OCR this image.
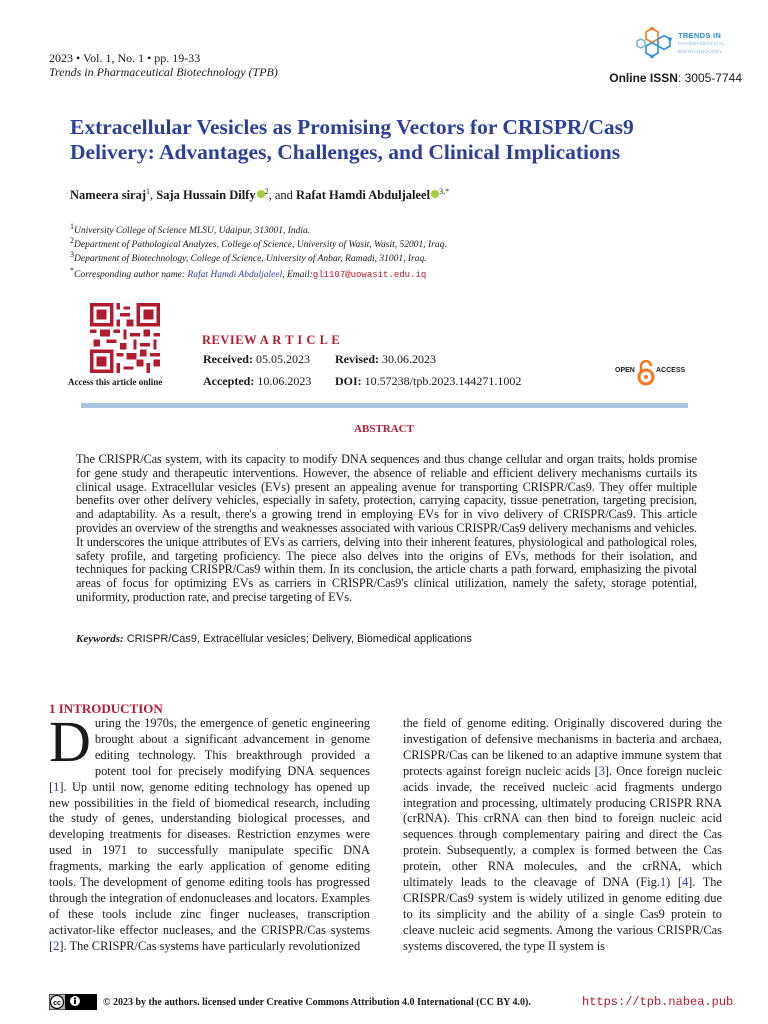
2023 • Vol. 1, No. 1 • pp. 19-33
Trends in Pharmaceutical Biotechnology (TPB)	Online ISSN: 3005-7744
TRENDS IN
PHARMACEUTICAL
BIOTECHNOLOGY
Extracellular Vesicles as Promising Vectors for CRISPR/Cas9 Delivery: Advantages, Challenges, and Clinical Implications
Nameera siraj$^1$, Saja Hussain Dilfy $^2$, and Rafat Hamdi Abduljaleel $^{3,*}$
$^1$University College of Science MLSU, Udaipur, 313001, India.
$^2$Department of Pathological Analyzes, College of Science, University of Wasit, Wasit, 52001, Iraq.
$^3$Department of Biotechnology, College of Science, University of Anbar, Ramadi, 31001, Iraq.
*Corresponding author name: Rafat Hamdi Abduljaleel, Email:gl1107@uowasit.edu.iq
Access this article online
REVIEW A R T I C L E
Received: 05.05.2023 Revised: 30.06.2023
Accepted: 10.06.2023 DOI: 10.57238/tpb.2023.144271.1002
OPEN	ACCESS
ABSTRACT
The CRISPR/Cas system, with its capacity to modify DNA sequences and thus change cellular and organ traits, holds promise for gene study and therapeutic interventions. However, the absence of reliable and efficient delivery mechanisms curtails its clinical usage. Extracellular vesicles (EVs) present an appealing avenue for transporting CRISPR/Cas9. They offer multiple benefits over other delivery vehicles, especially in safety, protection, carrying capacity, tissue penetration, targeting precision, and adaptability. As a result, there's a growing trend in employing EVs for in vivo delivery of CRISPR/Cas9. This article provides an overview of the strengths and weaknesses associated with various CRISPR/Cas9 delivery mechanisms and vehicles. It underscores the unique attributes of EVs as carriers, delving into their inherent features, physiological and pathological roles, safety profile, and targeting proficiency. The piece also delves into the origins of EVs, methods for their isolation, and techniques for packing CRISPR/Cas9 within them. In its conclusion, the article charts a path forward, emphasizing the pivotal areas of focus for optimizing EVs as carriers in CRISPR/Cas9's clinical utilization, namely the safety, storage potential, uniformity, production rate, and precise targeting of EVs.
Keywords: CRISPR/Cas9, Extracellular vesicles; Delivery, Biomedical applications
1 INTRODUCTION
During the 1970s, the emergence of genetic engineering brought about a significant advancement in genome editing technology. This breakthrough provided a potent tool for precisely modifying DNA sequences [1]. Up until now, genome editing technology has opened up new possibilities in the field of biomedical research, including the study of genes, understanding biological processes, and developing treatments for diseases. Restriction enzymes were used in 1971 to successfully manipulate specific DNA fragments, marking the early application of genome editing tools. The development of genome editing tools has progressed through the integration of endonucleases and locators. Examples of these tools include zinc finger nucleases, transcription activator-like effector nucleases, and the CRISPR/Cas systems [2]. The CRISPR/Cas systems have particularly revolutionized
the field of genome editing. Originally discovered during the investigation of defensive mechanisms in bacteria and archaea, CRISPR/Cas can be likened to an adaptive immune system that protects against foreign nucleic acids [3]. Once foreign nucleic acids invade, the received nucleic acid fragments undergo integration and processing, ultimately producing CRISPR RNA (crRNA). This crRNA can then bind to foreign nucleic acid sequences through complementary pairing and direct the Cas protein. Subsequently, a complex is formed between the Cas protein, other RNA molecules, and the crRNA, which ultimately leads to the cleavage of DNA (Fig.1) [4]. The CRISPR/Cas9 system is widely utilized in genome editing due to its simplicity and the ability of a single Cas9 protein to cleave nucleic acid segments. Among the various CRISPR/Cas systems discovered, the type II system is
cc	© 2023 by the authors. licensed under Creative Commons Attribution 4.0 International (CC BY 4.0).	https://tpb.nabea.pub
